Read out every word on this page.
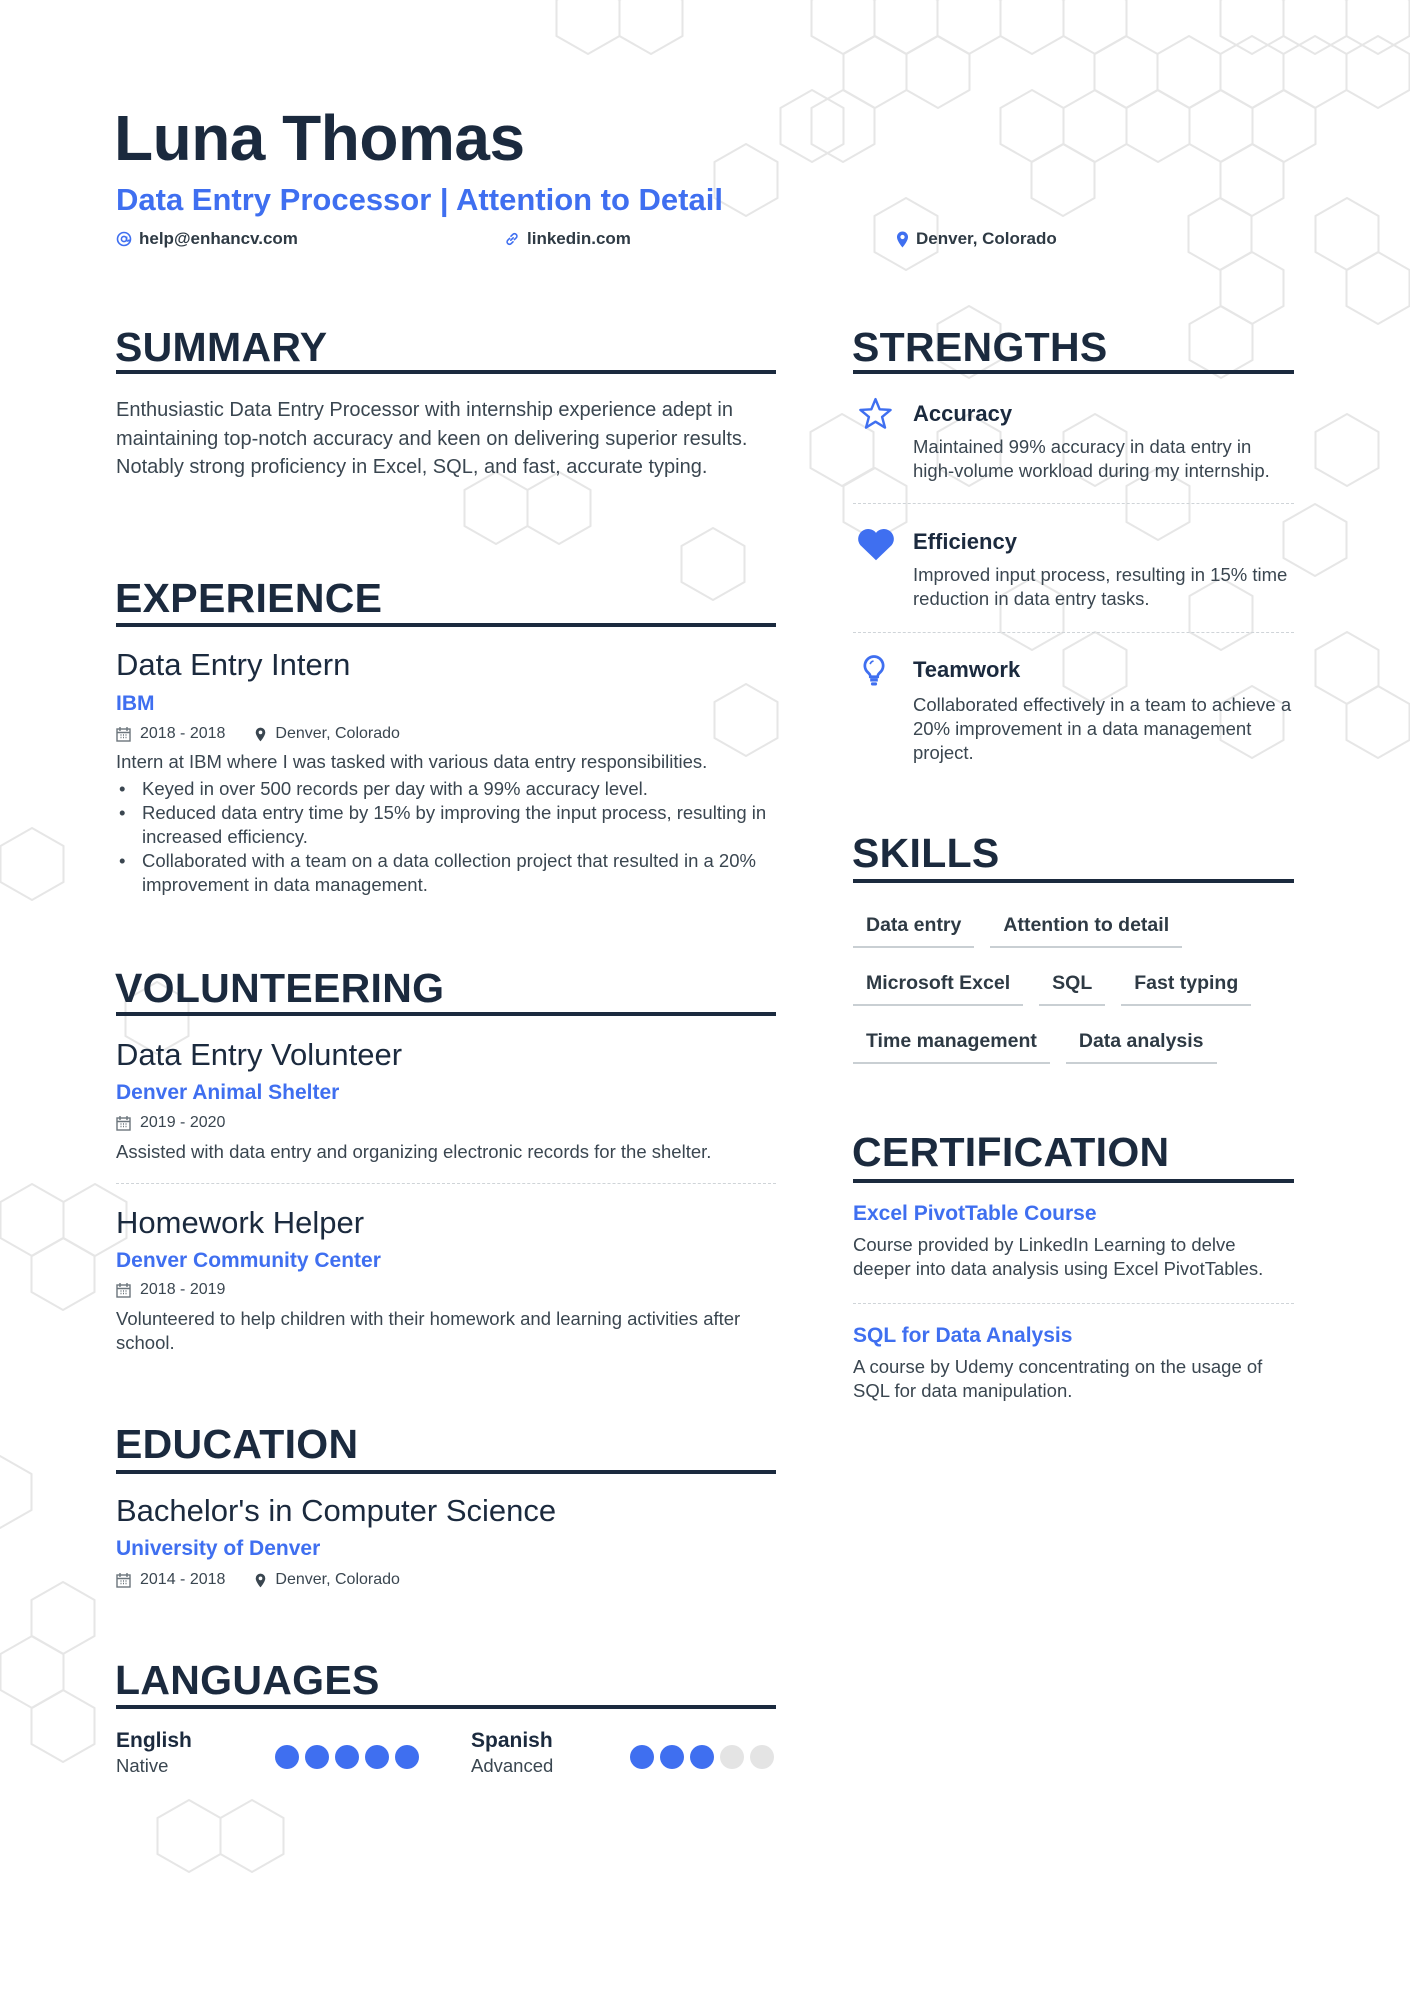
Luna Thomas
Data Entry Processor | Attention to Detail
help@enhancv.com	linkedin.com	Denver, Colorado
SUMMARY
Enthusiastic Data Entry Processor with internship experience adept in maintaining top-notch accuracy and keen on delivering superior results. Notably strong proficiency in Excel, SQL, and fast, accurate typing.
EXPERIENCE
Data Entry Intern
IBM
2018 - 2018	Denver, Colorado
Intern at IBM where I was tasked with various data entry responsibilities.
• Keyed in over 500 records per day with a 99% accuracy level.
• Reduced data entry time by 15% by improving the input process, resulting in increased efficiency.
• Collaborated with a team on a data collection project that resulted in a 20% improvement in data management.
VOLUNTEERING
Data Entry Volunteer
Denver Animal Shelter
2019 - 2020
Assisted with data entry and organizing electronic records for the shelter.
Homework Helper
Denver Community Center
2018 - 2019
Volunteered to help children with their homework and learning activities after school.
EDUCATION
Bachelor's in Computer Science
University of Denver
2014 - 2018	Denver, Colorado
LANGUAGES
English
Native
Spanish
Advanced
STRENGTHS
Accuracy
Maintained 99% accuracy in data entry in high-volume workload during my internship.
Efficiency
Improved input process, resulting in 15% time reduction in data entry tasks.
Teamwork
Collaborated effectively in a team to achieve a 20% improvement in a data management project.
SKILLS
Data entry	Attention to detail
Microsoft Excel	SQL	Fast typing
Time management	Data analysis
CERTIFICATION
Excel PivotTable Course
Course provided by LinkedIn Learning to delve deeper into data analysis using Excel PivotTables.
SQL for Data Analysis
A course by Udemy concentrating on the usage of SQL for data manipulation.
